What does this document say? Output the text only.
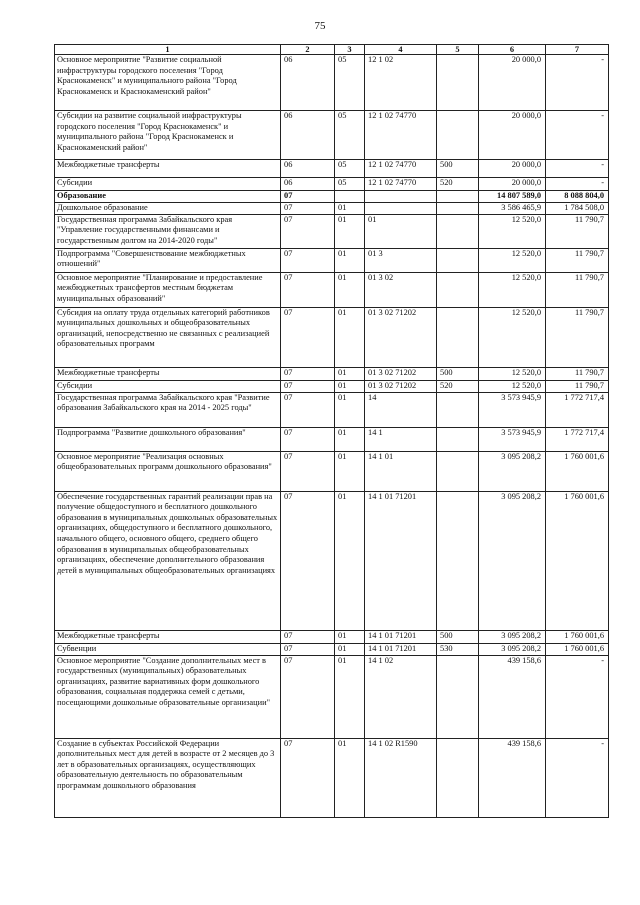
75
1	2	3	4	5	6	7
Основное мероприятие "Развитие социальной инфраструктуры городского поселения "Город Краснокаменск" и муниципального района "Город Краснокаменск и Краснокаменский район"	06	05	12 1 02		20 000,0	-
Субсидии на развитие социальной инфраструктуры городского поселения "Город Краснокаменск" и муниципального района "Город Краснокаменск и Краснокаменский район"	06	05	12 1 02 74770		20 000,0	-
Межбюджетные трансферты	06	05	12 1 02 74770	500	20 000,0	-
Субсидии	06	05	12 1 02 74770	520	20 000,0	-
Образование	07				14 807 589,0	8 088 804,0
Дошкольное образование	07	01			3 586 465,9	1 784 508,0
Государственная программа Забайкальского края "Управление государственными финансами и государственным долгом на 2014-2020 годы"	07	01	01		12 520,0	11 790,7
Подпрограмма "Совершенствование межбюджетных отношений"	07	01	01 3		12 520,0	11 790,7
Основное мероприятие "Планирование и предоставление межбюджетных трансфертов местным бюджетам муниципальных образований"	07	01	01 3 02		12 520,0	11 790,7
Субсидия на оплату труда отдельных категорий работников муниципальных дошкольных и общеобразовательных организаций, непосредственно не связанных с реализацией образовательных программ	07	01	01 3 02 71202		12 520,0	11 790,7
Межбюджетные трансферты	07	01	01 3 02 71202	500	12 520,0	11 790,7
Субсидии	07	01	01 3 02 71202	520	12 520,0	11 790,7
Государственная программа Забайкальского края "Развитие образования Забайкальского края на 2014 - 2025 годы"	07	01	14		3 573 945,9	1 772 717,4
Подпрограмма "Развитие дошкольного образования"	07	01	14 1		3 573 945,9	1 772 717,4
Основное мероприятие "Реализация основных общеобразовательных программ дошкольного образования"	07	01	14 1 01		3 095 208,2	1 760 001,6
Обеспечение государственных гарантий реализации прав на получение общедоступного и бесплатного дошкольного образования в муниципальных дошкольных образовательных организациях, общедоступного и бесплатного дошкольного, начального общего, основного общего, среднего общего образования в муниципальных общеобразовательных организациях, обеспечение дополнительного образования детей в муниципальных общеобразовательных организациях	07	01	14 1 01 71201		3 095 208,2	1 760 001,6
Межбюджетные трансферты	07	01	14 1 01 71201	500	3 095 208,2	1 760 001,6
Субвенции	07	01	14 1 01 71201	530	3 095 208,2	1 760 001,6
Основное мероприятие "Создание дополнительных мест в государственных (муниципальных) образовательных организациях, развитие вариативных форм дошкольного образования, социальная поддержка семей с детьми, посещающими дошкольные образовательные организации"	07	01	14 1 02		439 158,6	-
Создание в субъектах Российской Федерации дополнительных мест для детей в возрасте от 2 месяцев до 3 лет в образовательных организациях, осуществляющих образовательную деятельность по образовательным программам дошкольного образования	07	01	14 1 02 R1590		439 158,6	-
